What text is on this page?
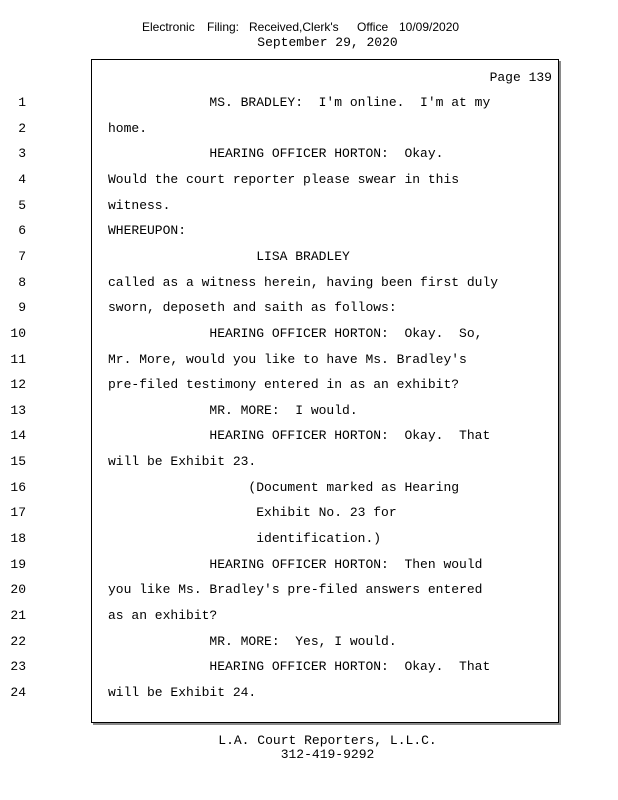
Electronic Filing: Received,Clerk's Office 10/09/2020
September 29, 2020
Page 139
1	MS. BRADLEY:  I'm online.  I'm at my
2	home.
3	HEARING OFFICER HORTON:  Okay.
4	Would the court reporter please swear in this
5	witness.
6	WHEREUPON:
7	LISA BRADLEY
8	called as a witness herein, having been first duly
9	sworn, deposeth and saith as follows:
10	HEARING OFFICER HORTON:  Okay.  So,
11	Mr. More, would you like to have Ms. Bradley's
12	pre-filed testimony entered in as an exhibit?
13	MR. MORE:  I would.
14	HEARING OFFICER HORTON:  Okay.  That
15	will be Exhibit 23.
16	(Document marked as Hearing
17	Exhibit No. 23 for
18	identification.)
19	HEARING OFFICER HORTON:  Then would
20	you like Ms. Bradley's pre-filed answers entered
21	as an exhibit?
22	MR. MORE:  Yes, I would.
23	HEARING OFFICER HORTON:  Okay.  That
24	will be Exhibit 24.
L.A. Court Reporters, L.L.C.
312-419-9292
